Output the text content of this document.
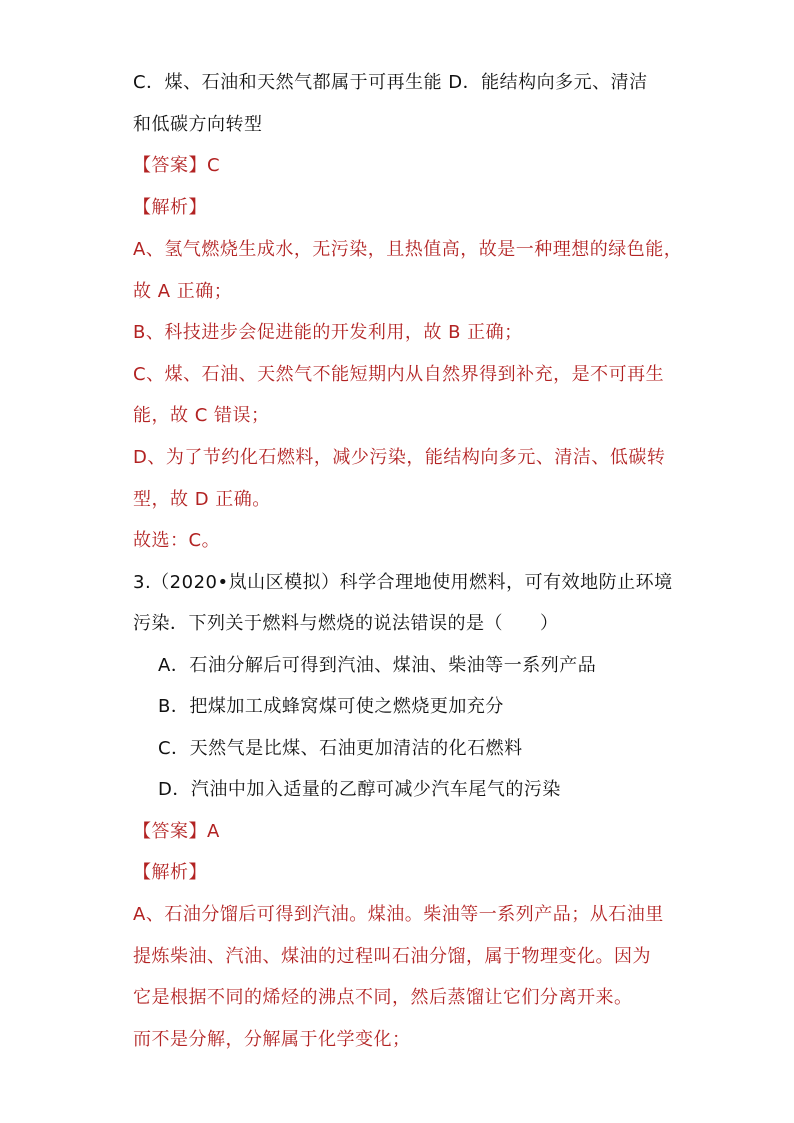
C．煤、石油和天然气都属于可再生能 D．能结构向多元、清洁
和低碳方向转型
【答案】C
【解析】
A、氢气燃烧生成水，无污染，且热值高，故是一种理想的绿色能，
故 A 正确；
B、科技进步会促进能的开发利用，故 B 正确；
C、煤、石油、天然气不能短期内从自然界得到补充，是不可再生
能，故 C 错误；
D、为了节约化石燃料，减少污染，能结构向多元、清洁、低碳转
型，故 D 正确。
故选：C。
3.（2020•岚山区模拟）科学合理地使用燃料，可有效地防止环境
污染．下列关于燃料与燃烧的说法错误的是（　　）
A．石油分解后可得到汽油、煤油、柴油等一系列产品
B．把煤加工成蜂窝煤可使之燃烧更加充分
C．天然气是比煤、石油更加清洁的化石燃料
D．汽油中加入适量的乙醇可减少汽车尾气的污染
【答案】A
【解析】
A、石油分馏后可得到汽油。煤油。柴油等一系列产品；从石油里
提炼柴油、汽油、煤油的过程叫石油分馏，属于物理变化。因为
它是根据不同的烯烃的沸点不同，然后蒸馏让它们分离开来。
而不是分解，分解属于化学变化；
